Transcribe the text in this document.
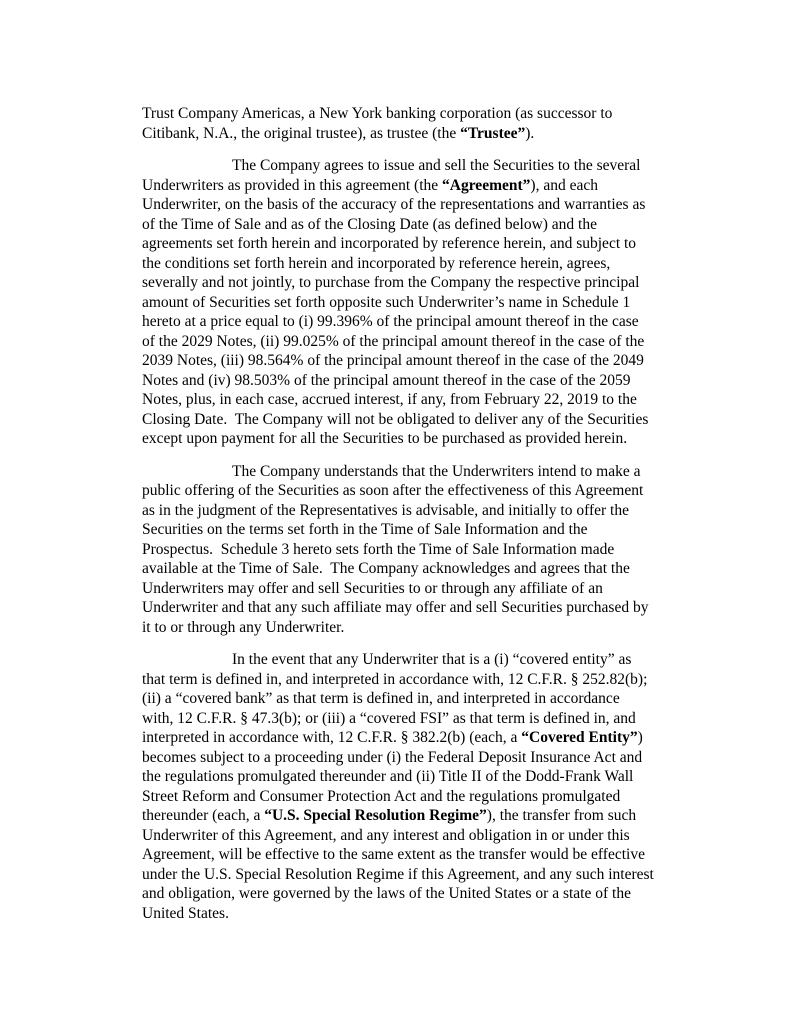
Trust Company Americas, a New York banking corporation (as successor to Citibank, N.A., the original trustee), as trustee (the “Trustee”).

The Company agrees to issue and sell the Securities to the several Underwriters as provided in this agreement (the “Agreement”), and each Underwriter, on the basis of the accuracy of the representations and warranties as of the Time of Sale and as of the Closing Date (as defined below) and the agreements set forth herein and incorporated by reference herein, and subject to the conditions set forth herein and incorporated by reference herein, agrees, severally and not jointly, to purchase from the Company the respective principal amount of Securities set forth opposite such Underwriter’s name in Schedule 1 hereto at a price equal to (i) 99.396% of the principal amount thereof in the case of the 2029 Notes, (ii) 99.025% of the principal amount thereof in the case of the 2039 Notes, (iii) 98.564% of the principal amount thereof in the case of the 2049 Notes and (iv) 98.503% of the principal amount thereof in the case of the 2059 Notes, plus, in each case, accrued interest, if any, from February 22, 2019 to the Closing Date.  The Company will not be obligated to deliver any of the Securities except upon payment for all the Securities to be purchased as provided herein.

The Company understands that the Underwriters intend to make a public offering of the Securities as soon after the effectiveness of this Agreement as in the judgment of the Representatives is advisable, and initially to offer the Securities on the terms set forth in the Time of Sale Information and the Prospectus.  Schedule 3 hereto sets forth the Time of Sale Information made available at the Time of Sale.  The Company acknowledges and agrees that the Underwriters may offer and sell Securities to or through any affiliate of an Underwriter and that any such affiliate may offer and sell Securities purchased by it to or through any Underwriter.

In the event that any Underwriter that is a (i) “covered entity” as that term is defined in, and interpreted in accordance with, 12 C.F.R. § 252.82(b); (ii) a “covered bank” as that term is defined in, and interpreted in accordance with, 12 C.F.R. § 47.3(b); or (iii) a “covered FSI” as that term is defined in, and interpreted in accordance with, 12 C.F.R. § 382.2(b) (each, a “Covered Entity”) becomes subject to a proceeding under (i) the Federal Deposit Insurance Act and the regulations promulgated thereunder and (ii) Title II of the Dodd-Frank Wall Street Reform and Consumer Protection Act and the regulations promulgated thereunder (each, a “U.S. Special Resolution Regime”), the transfer from such Underwriter of this Agreement, and any interest and obligation in or under this Agreement, will be effective to the same extent as the transfer would be effective under the U.S. Special Resolution Regime if this Agreement, and any such interest and obligation, were governed by the laws of the United States or a state of the United States.
